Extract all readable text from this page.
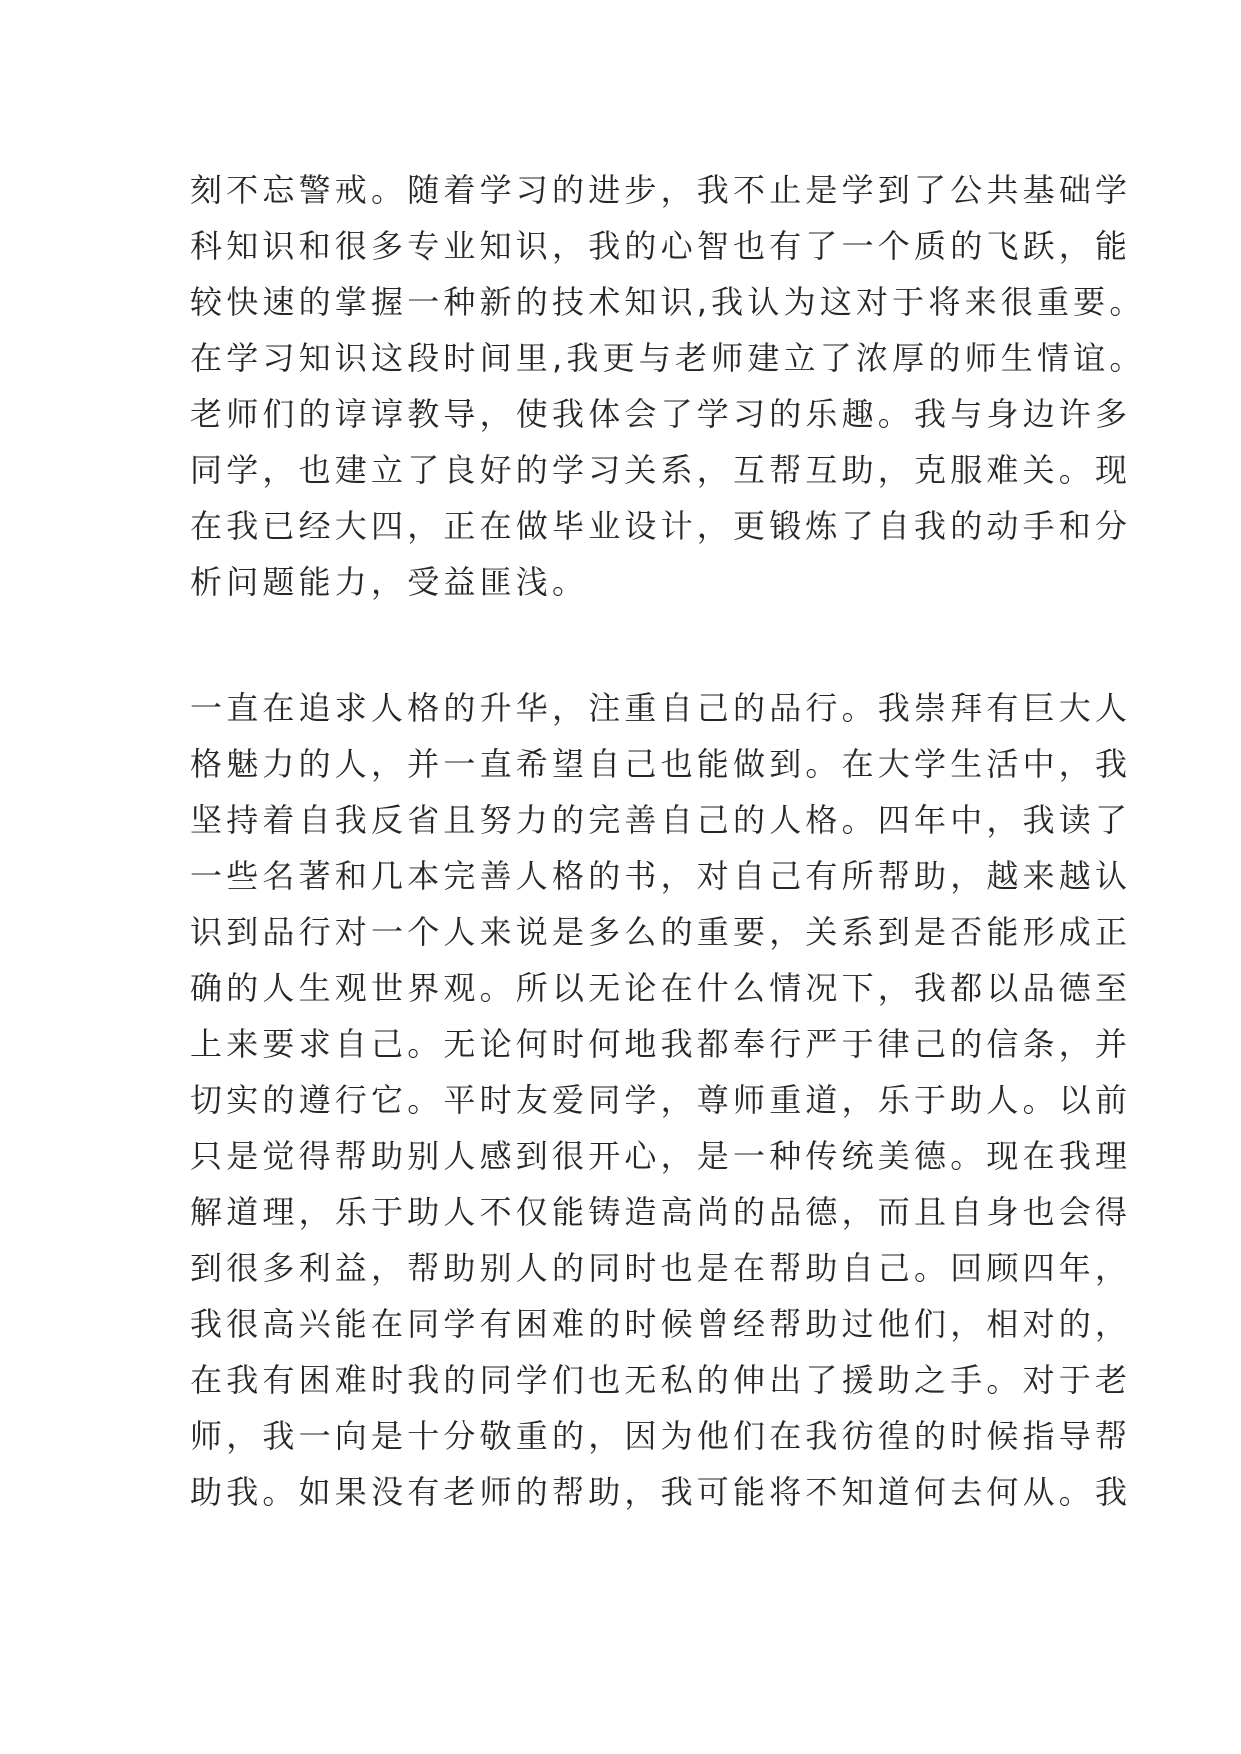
刻不忘警戒。随着学习的进步，我不止是学到了公共基础学
科知识和很多专业知识，我的心智也有了一个质的飞跃，能
较快速的掌握一种新的技术知识,我认为这对于将来很重要。
在学习知识这段时间里,我更与老师建立了浓厚的师生情谊。
老师们的谆谆教导，使我体会了学习的乐趣。我与身边许多
同学，也建立了良好的学习关系，互帮互助，克服难关。现
在我已经大四，正在做毕业设计，更锻炼了自我的动手和分
析问题能力，受益匪浅。
一直在追求人格的升华，注重自己的品行。我崇拜有巨大人
格魅力的人，并一直希望自己也能做到。在大学生活中，我
坚持着自我反省且努力的完善自己的人格。四年中，我读了
一些名著和几本完善人格的书，对自己有所帮助，越来越认
识到品行对一个人来说是多么的重要，关系到是否能形成正
确的人生观世界观。所以无论在什么情况下，我都以品德至
上来要求自己。无论何时何地我都奉行严于律己的信条，并
切实的遵行它。平时友爱同学，尊师重道，乐于助人。以前
只是觉得帮助别人感到很开心，是一种传统美德。现在我理
解道理，乐于助人不仅能铸造高尚的品德，而且自身也会得
到很多利益，帮助别人的同时也是在帮助自己。回顾四年，
我很高兴能在同学有困难的时候曾经帮助过他们，相对的，
在我有困难时我的同学们也无私的伸出了援助之手。对于老
师，我一向是十分敬重的，因为他们在我彷徨的时候指导帮
助我。如果没有老师的帮助，我可能将不知道何去何从。我
